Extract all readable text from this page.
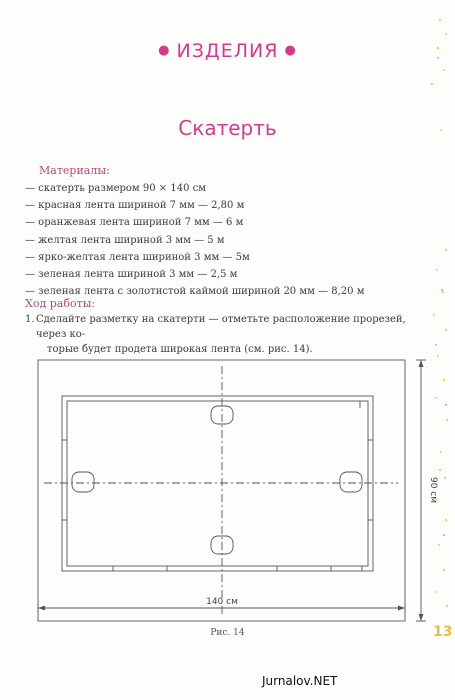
● ИЗДЕЛИЯ ●
Скатерть
Материалы:
— скатерть размером 90 × 140 см
— красная лента шириной 7 мм — 2,80 м
— оранжевая лента шириной 7 мм — 6 м
— желтая лента шириной 3 мм — 5 м
— ярко-желтая лента шириной 3 мм — 5м
— зеленая лента шириной 3 мм — 2,5 м
— зеленая лента с золотистой каймой шириной 20 мм — 8,20 м
Ход работы:
1. Сделайте разметку на скатерти — отметьте расположение прорезей, через ко-
торые будет продета широкая лента (см. рис. 14).
140 см
90 см
Рис. 14	13
Jurnalov.NET
